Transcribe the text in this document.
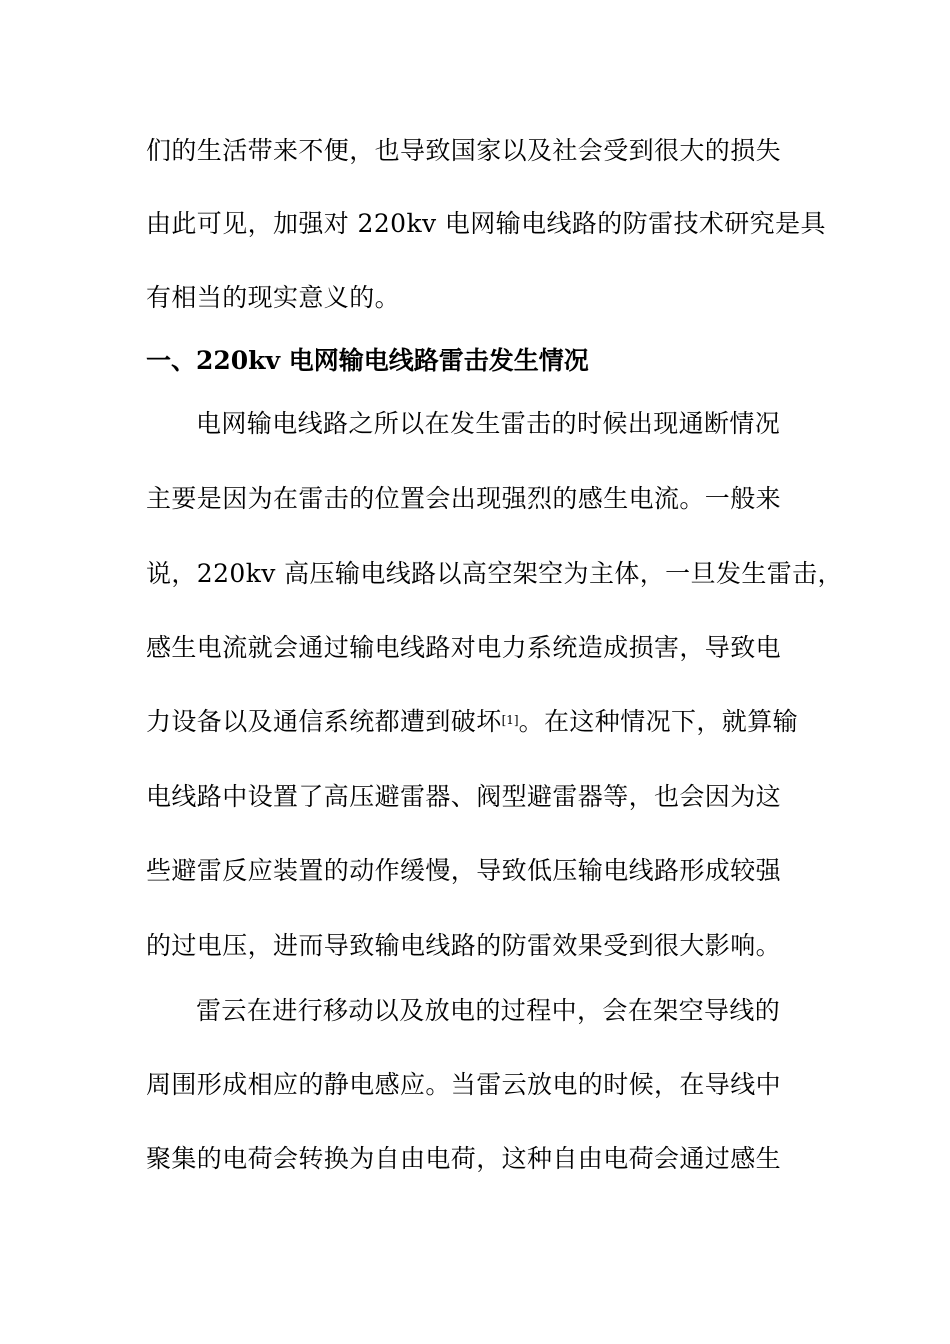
们的生活带来不便，也导致国家以及社会受到很大的损失
由此可见，加强对 220kv 电网输电线路的防雷技术研究是具
有相当的现实意义的。
一、220kv 电网输电线路雷击发生情况
电网输电线路之所以在发生雷击的时候出现通断情况
主要是因为在雷击的位置会出现强烈的感生电流。一般来
说，220kv 高压输电线路以高空架空为主体，一旦发生雷击，
感生电流就会通过输电线路对电力系统造成损害，导致电
力设备以及通信系统都遭到破坏[1]。在这种情况下，就算输
电线路中设置了高压避雷器、阀型避雷器等，也会因为这
些避雷反应装置的动作缓慢，导致低压输电线路形成较强
的过电压，进而导致输电线路的防雷效果受到很大影响。
雷云在进行移动以及放电的过程中，会在架空导线的
周围形成相应的静电感应。当雷云放电的时候，在导线中
聚集的电荷会转换为自由电荷，这种自由电荷会通过感生
